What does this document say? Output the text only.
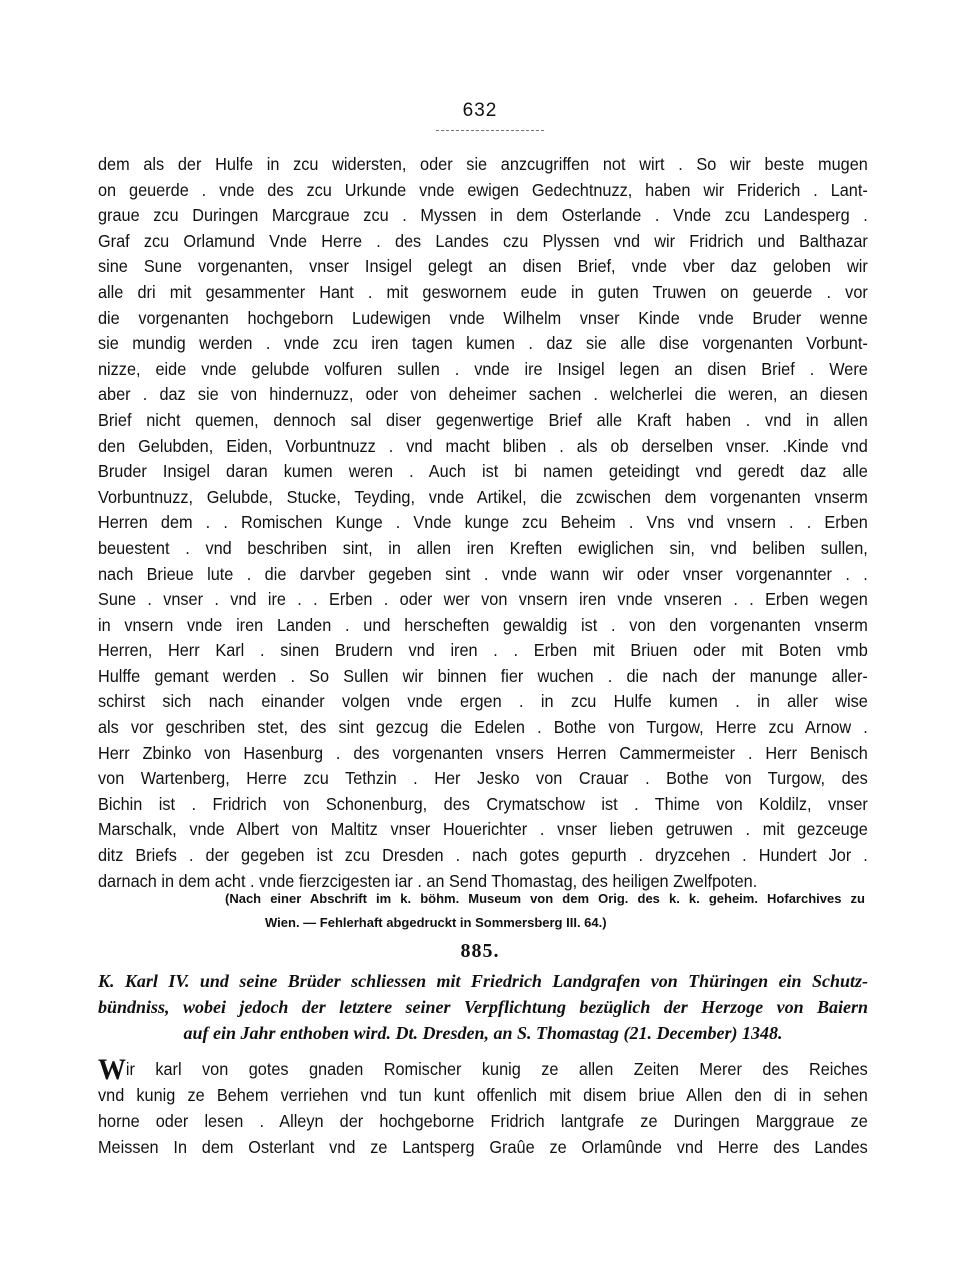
632
dem als der Hulfe in zcu widersten, oder sie anzcugriffen not wirt . So wir beste mugen
on geuerde . vnde des zcu Urkunde vnde ewigen Gedechtnuzz, haben wir Friderich . Lant-
graue zcu Duringen Marcgraue zcu . Myssen in dem Osterlande . Vnde zcu Landesperg .
Graf zcu Orlamund Vnde Herre . des Landes czu Plyssen vnd wir Fridrich und Balthazar
sine Sune vorgenanten, vnser Insigel gelegt an disen Brief, vnde vber daz geloben wir
alle dri mit gesammenter Hant . mit geswornem eude in guten Truwen on geuerde . vor
die vorgenanten hochgeborn Ludewigen vnde Wilhelm vnser Kinde vnde Bruder wenne
sie mundig werden . vnde zcu iren tagen kumen . daz sie alle dise vorgenanten Vorbunt-
nizze, eide vnde gelubde volfuren sullen . vnde ire Insigel legen an disen Brief . Were
aber . daz sie von hindernuzz, oder von deheimer sachen . welcherlei die weren, an diesen
Brief nicht quemen, dennoch sal diser gegenwertige Brief alle Kraft haben . vnd in allen
den Gelubden, Eiden, Vorbuntnuzz . vnd macht bliben . als ob derselben vnser. .Kinde vnd
Bruder Insigel daran kumen weren . Auch ist bi namen geteidingt vnd geredt daz alle
Vorbuntnuzz, Gelubde, Stucke, Teyding, vnde Artikel, die zcwischen dem vorgenanten vnserm
Herren dem . . Romischen Kunge . Vnde kunge zcu Beheim . Vns vnd vnsern . . Erben
beuestent . vnd beschriben sint, in allen iren Kreften ewiglichen sin, vnd beliben sullen,
nach Brieue lute . die darvber gegeben sint . vnde wann wir oder vnser vorgenannter . .
Sune . vnser . vnd ire . . Erben . oder wer von vnsern iren vnde vnseren . . Erben wegen
in vnsern vnde iren Landen . und herscheften gewaldig ist . von den vorgenanten vnserm
Herren, Herr Karl . sinen Brudern vnd iren . . Erben mit Briuen oder mit Boten vmb
Hulffe gemant werden . So Sullen wir binnen fier wuchen . die nach der manunge aller-
schirst sich nach einander volgen vnde ergen . in zcu Hulfe kumen . in aller wise
als vor geschriben stet, des sint gezcug die Edelen . Bothe von Turgow, Herre zcu Arnow .
Herr Zbinko von Hasenburg . des vorgenanten vnsers Herren Cammermeister . Herr Benisch
von Wartenberg, Herre zcu Tethzin . Her Jesko von Crauar . Bothe von Turgow, des
Bichin ist . Fridrich von Schonenburg, des Crymatschow ist . Thime von Koldilz, vnser
Marschalk, vnde Albert von Maltitz vnser Houerichter . vnser lieben getruwen . mit gezceuge
ditz Briefs . der gegeben ist zcu Dresden . nach gotes gepurth . dryzcehen . Hundert Jor .
darnach in dem acht . vnde fierzcigesten iar . an Send Thomastag, des heiligen Zwelfpoten.
(Nach einer Abschrift im k. böhm. Museum von dem Orig. des k. k. geheim. Hofarchives zu
Wien. — Fehlerhaft abgedruckt in Sommersberg III. 64.)
885.
K. Karl IV. und seine Brüder schliessen mit Friedrich Landgrafen von Thüringen ein Schutz-
bündniss, wobei jedoch der letztere seiner Verpflichtung bezüglich der Herzoge von Baiern
auf ein Jahr enthoben wird. Dt. Dresden, an S. Thomastag (21. December) 1348.
Wir karl von gotes gnaden Romischer kunig ze allen Zeiten Merer des Reiches
vnd kunig ze Behem verriehen vnd tun kunt offenlich mit disem briue Allen den di in sehen
horne oder lesen . Alleyn der hochgeborne Fridrich lantgrafe ze Duringen Marggraue ze
Meissen In dem Osterlant vnd ze Lantsperg Graûe ze Orlamûnde vnd Herre des Landes
